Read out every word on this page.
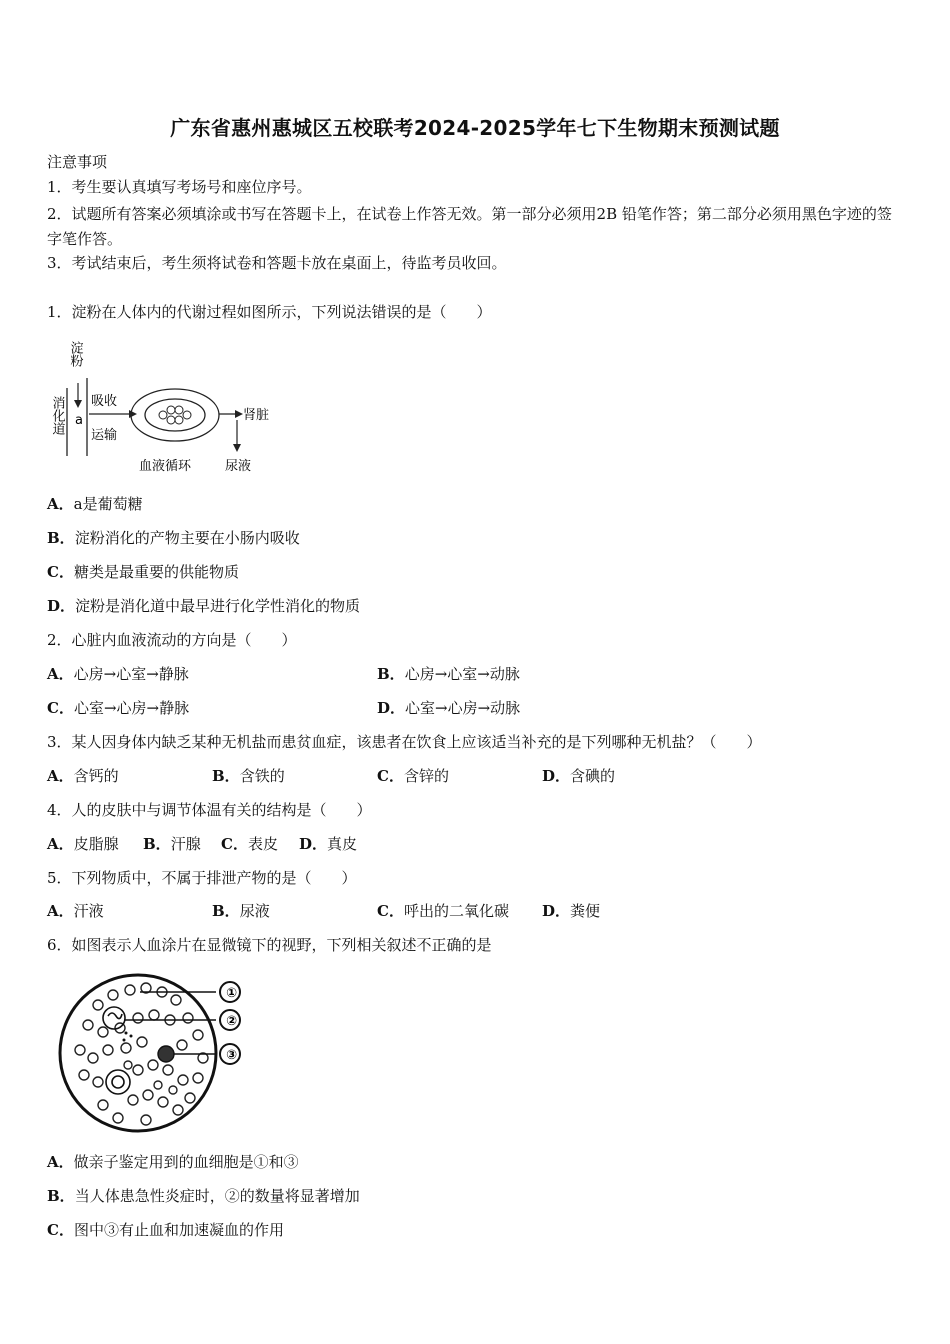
广东省惠州惠城区五校联考2024-2025学年七下生物期末预测试题
注意事项
1．考生要认真填写考场号和座位序号。
2．试题所有答案必须填涂或书写在答题卡上，在试卷上作答无效。第一部分必须用2B 铅笔作答；第二部分必须用黑色字迹的签字笔作答。
3．考试结束后，考生须将试卷和答题卡放在桌面上，待监考员收回。
1．淀粉在人体内的代谢过程如图所示，下列说法错误的是（　　）
淀粉
消化道 a
吸收
运输
肾脏
尿液
血液循环
A．a是葡萄糖
B．淀粉消化的产物主要在小肠内吸收
C．糖类是最重要的供能物质
D．淀粉是消化道中最早进行化学性消化的物质
2．心脏内血液流动的方向是（　　）
A．心房→心室→静脉	B．心房→心室→动脉
C．心室→心房→静脉	D．心室→心房→动脉
3．某人因身体内缺乏某种无机盐而患贫血症，该患者在饮食上应该适当补充的是下列哪种无机盐？（　　）
A．含钙的	B．含铁的	C．含锌的	D．含碘的
4．人的皮肤中与调节体温有关的结构是（　　）
A．皮脂腺 B．汗腺 C．表皮 D．真皮
5．下列物质中，不属于排泄产物的是（　　）
A．汗液	B．尿液	C．呼出的二氧化碳 D．粪便
6．如图表示人血涂片在显微镜下的视野，下列相关叙述不正确的是
①
②
③
A．做亲子鉴定用到的血细胞是①和③
B．当人体患急性炎症时，②的数量将显著增加
C．图中③有止血和加速凝血的作用
